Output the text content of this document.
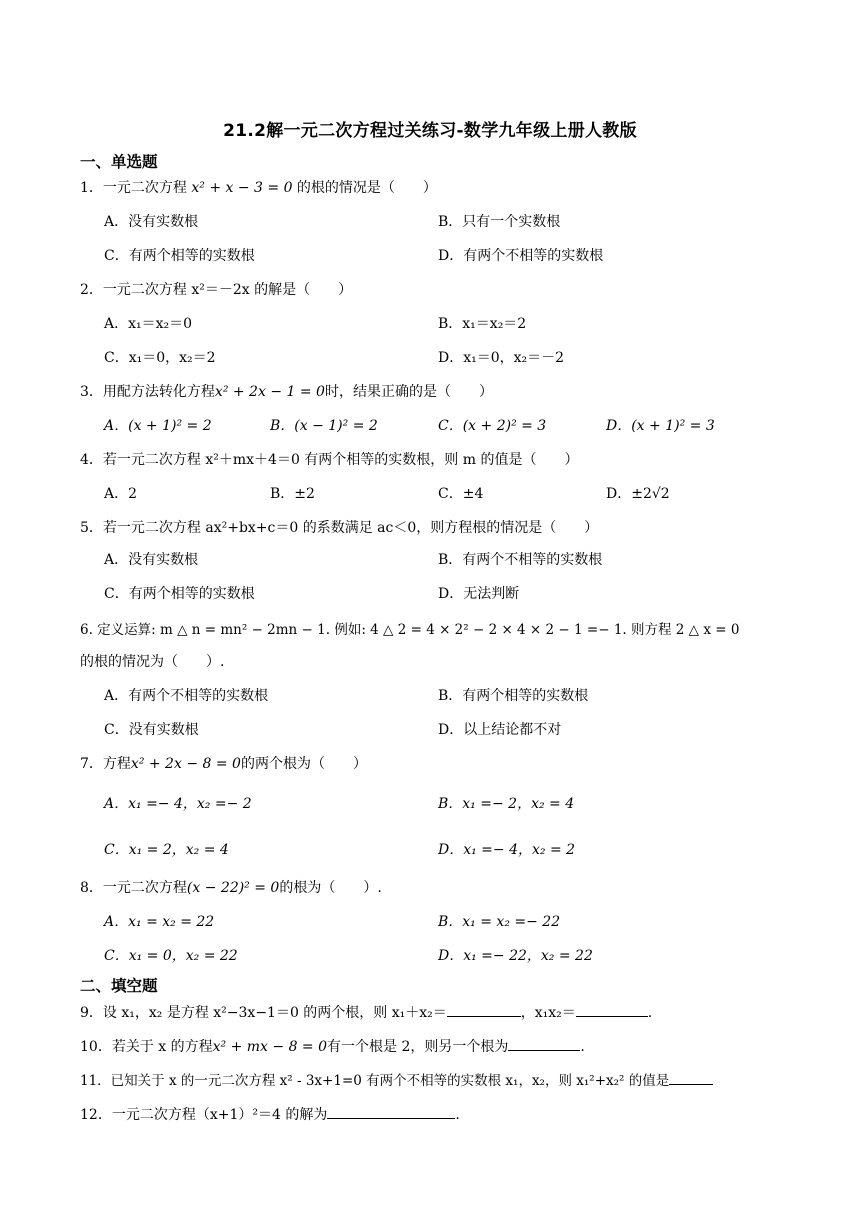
21.2解一元二次方程过关练习-数学九年级上册人教版
一、单选题
1．一元二次方程 x² + x − 3 = 0 的根的情况是（　　）
A．没有实数根	B．只有一个实数根
C．有两个相等的实数根	D．有两个不相等的实数根
2．一元二次方程 x²＝－2x 的解是（　　）
A．x₁＝x₂＝0	B．x₁＝x₂＝2
C．x₁＝0，x₂＝2	D．x₁＝0，x₂＝－2
3．用配方法转化方程x² + 2x − 1 = 0时，结果正确的是（　　）
A．(x + 1)² = 2	B．(x − 1)² = 2	C．(x + 2)² = 3	D．(x + 1)² = 3
4．若一元二次方程 x²＋mx＋4＝0 有两个相等的实数根，则 m 的值是（　　）
A．2	B．±2	C．±4	D．±2√2
5．若一元二次方程 ax²+bx+c＝0 的系数满足 ac＜0，则方程根的情况是（　　）
A．没有实数根	B．有两个不相等的实数根
C．有两个相等的实数根	D．无法判断
6. 定义运算: m △ n = mn² − 2mn − 1. 例如: 4 △ 2 = 4 × 2² − 2 × 4 × 2 − 1 =− 1. 则方程 2 △ x = 0
的根的情况为（　　）.
A．有两个不相等的实数根	B．有两个相等的实数根
C．没有实数根	D．以上结论都不对
7．方程x² + 2x − 8 = 0的两个根为（　　）
A．x₁ =− 4，x₂ =− 2	B．x₁ =− 2，x₂ = 4
C．x₁ = 2，x₂ = 4	D．x₁ =− 4，x₂ = 2
8．一元二次方程(x − 22)² = 0的根为（　　）.
A．x₁ = x₂ = 22	B．x₁ = x₂ =− 22
C．x₁ = 0，x₂ = 22	D．x₁ =− 22，x₂ = 22
二、填空题
9．设 x₁，x₂ 是方程 x²−3x−1＝0 的两个根，则 x₁＋x₂＝	，x₁x₂＝	.
10．若关于 x 的方程x² + mx − 8 = 0有一个根是 2，则另一个根为	.
11．已知关于 x 的一元二次方程 x² - 3x+1=0 有两个不相等的实数根 x₁，x₂，则 x₁²+x₂² 的值是
12．一元二次方程（x+1）²＝4 的解为	.
